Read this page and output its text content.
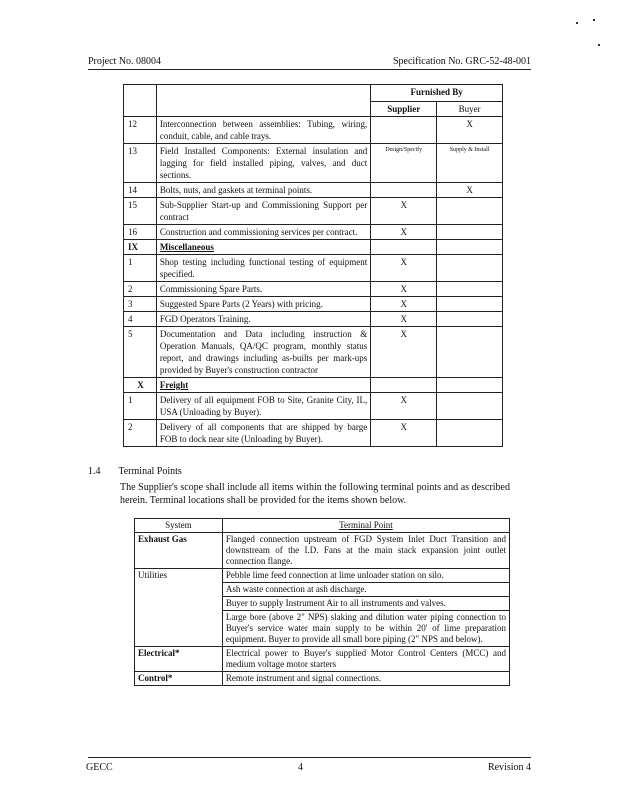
Project No. 08004	Specification No. GRC-52-48-001
		Furnished By	
		Supplier	Buyer
12	Interconnection between assemblies: Tubing, wiring, conduit, cable, and cable trays.		X
13	Field Installed Components: External insulation and lagging for field installed piping, valves, and duct sections.	Design/Specify	Supply & Install
14	Bolts, nuts, and gaskets at terminal points.		X
15	Sub-Supplier Start-up and Commissioning Support per contract	X	
16	Construction and commissioning services per contract.	X	
IX	Miscellaneous		
1	Shop testing including functional testing of equipment specified.	X	
2	Commissioning Spare Parts.	X	
3	Suggested Spare Parts (2 Years) with pricing.	X	
4	FGD Operators Training.	X	
5	Documentation and Data including instruction & Operation Manuals, QA/QC program, monthly status report, and drawings including as-builts per mark-ups provided by Buyer's construction contractor	X	
X	Freight		
1	Delivery of all equipment FOB to Site, Granite City, IL, USA (Unloading by Buyer).	X	
2	Delivery of all components that are shipped by barge FOB to dock near site (Unloading by Buyer).	X	
1.4 Terminal Points
The Supplier's scope shall include all items within the following terminal points and as described herein. Terminal locations shall be provided for the items shown below.
System	Terminal Point
Exhaust Gas	Flanged connection upstream of FGD System Inlet Duct Transition and downstream of the I.D. Fans at the main stack expansion joint outlet connection flange.
Utilities	Pebble lime feed connection at lime unloader station on silo.
	Ash waste connection at ash discharge.
	Buyer to supply Instrument Air to all instruments and valves.
	Large bore (above 2" NPS) slaking and dilution water piping connection to Buyer's service water main supply to be within 20' of lime preparation equipment. Buyer to provide all small bore piping (2" NPS and below).
Electrical*	Electrical power to Buyer's supplied Motor Control Centers (MCC) and medium voltage motor starters
Control*	Remote instrument and signal connections.
GECC	4	Revision 4
